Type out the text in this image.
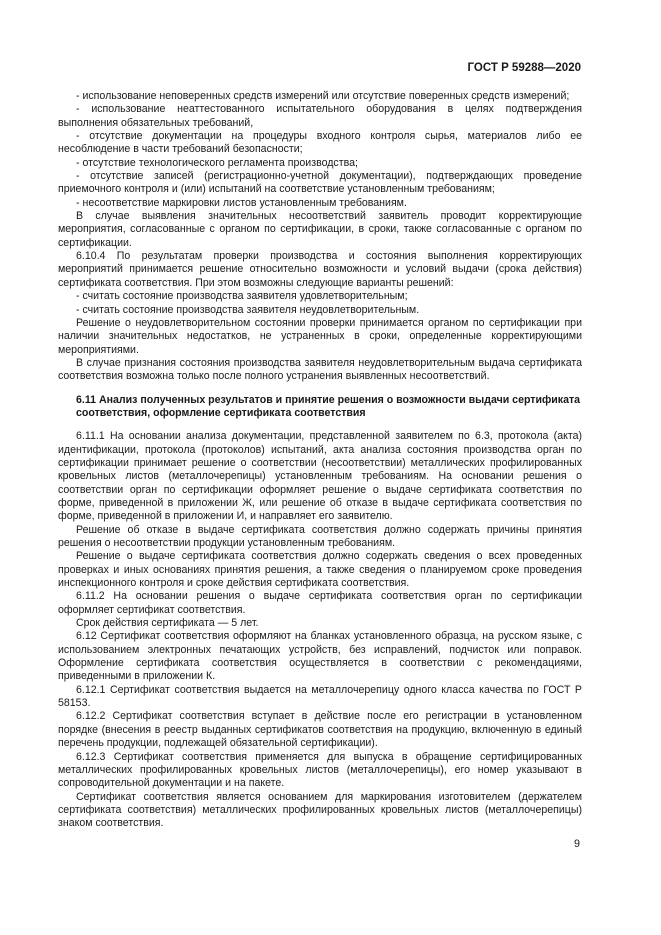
ГОСТ Р 59288—2020

- использование неповеренных средств измерений или отсутствие поверенных средств измерений;

- использование неаттестованного испытательного оборудования в целях подтверждения выполнения обязательных требований,

- отсутствие документации на процедуры входного контроля сырья, материалов либо ее несоблюдение в части требований безопасности;

- отсутствие технологического регламента производства;

- отсутствие записей (регистрационно-учетной документации), подтверждающих проведение приемочного контроля и (или) испытаний на соответствие установленным требованиям;

- несоответствие маркировки листов установленным требованиям.

В случае выявления значительных несоответствий заявитель проводит корректирующие мероприятия, согласованные с органом по сертификации, в сроки, также согласованные с органом по сертификации.

6.10.4 По результатам проверки производства и состояния выполнения корректирующих мероприятий принимается решение относительно возможности и условий выдачи (срока действия) сертификата соответствия. При этом возможны следующие варианты решений:

- считать состояние производства заявителя удовлетворительным;

- считать состояние производства заявителя неудовлетворительным.

Решение о неудовлетворительном состоянии проверки принимается органом по сертификации при наличии значительных недостатков, не устраненных в сроки, определенные корректирующими мероприятиями.

В случае признания состояния производства заявителя неудовлетворительным выдача сертификата соответствия возможна только после полного устранения выявленных несоответствий.

6.11 Анализ полученных результатов и принятие решения о возможности выдачи сертификата соответствия, оформление сертификата соответствия

6.11.1 На основании анализа документации, представленной заявителем по 6.3, протокола (акта) идентификации, протокола (протоколов) испытаний, акта анализа состояния производства орган по сертификации принимает решение о соответствии (несоответствии) металлических профилированных кровельных листов (металлочерепицы) установленным требованиям. На основании решения о соответствии орган по сертификации оформляет решение о выдаче сертификата соответствия по форме, приведенной в приложении Ж, или решение об отказе в выдаче сертификата соответствия по форме, приведенной в приложении И, и направляет его заявителю.

Решение об отказе в выдаче сертификата соответствия должно содержать причины принятия решения о несоответствии продукции установленным требованиям.

Решение о выдаче сертификата соответствия должно содержать сведения о всех проведенных проверках и иных основаниях принятия решения, а также сведения о планируемом сроке проведения инспекционного контроля и сроке действия сертификата соответствия.

6.11.2 На основании решения о выдаче сертификата соответствия орган по сертификации оформляет сертификат соответствия.

Срок действия сертификата — 5 лет.

6.12 Сертификат соответствия оформляют на бланках установленного образца, на русском языке, с использованием электронных печатающих устройств, без исправлений, подчисток или поправок. Оформление сертификата соответствия осуществляется в соответствии с рекомендациями, приведенными в приложении К.

6.12.1 Сертификат соответствия выдается на металлочерепицу одного класса качества по ГОСТ Р 58153.

6.12.2 Сертификат соответствия вступает в действие после его регистрации в установленном порядке (внесения в реестр выданных сертификатов соответствия на продукцию, включенную в единый перечень продукции, подлежащей обязательной сертификации).

6.12.3 Сертификат соответствия применяется для выпуска в обращение сертифицированных металлических профилированных кровельных листов (металлочерепицы), его номер указывают в сопроводительной документации и на пакете.

Сертификат соответствия является основанием для маркирования изготовителем (держателем сертификата соответствия) металлических профилированных кровельных листов (металлочерепицы) знаком соответствия.

9
